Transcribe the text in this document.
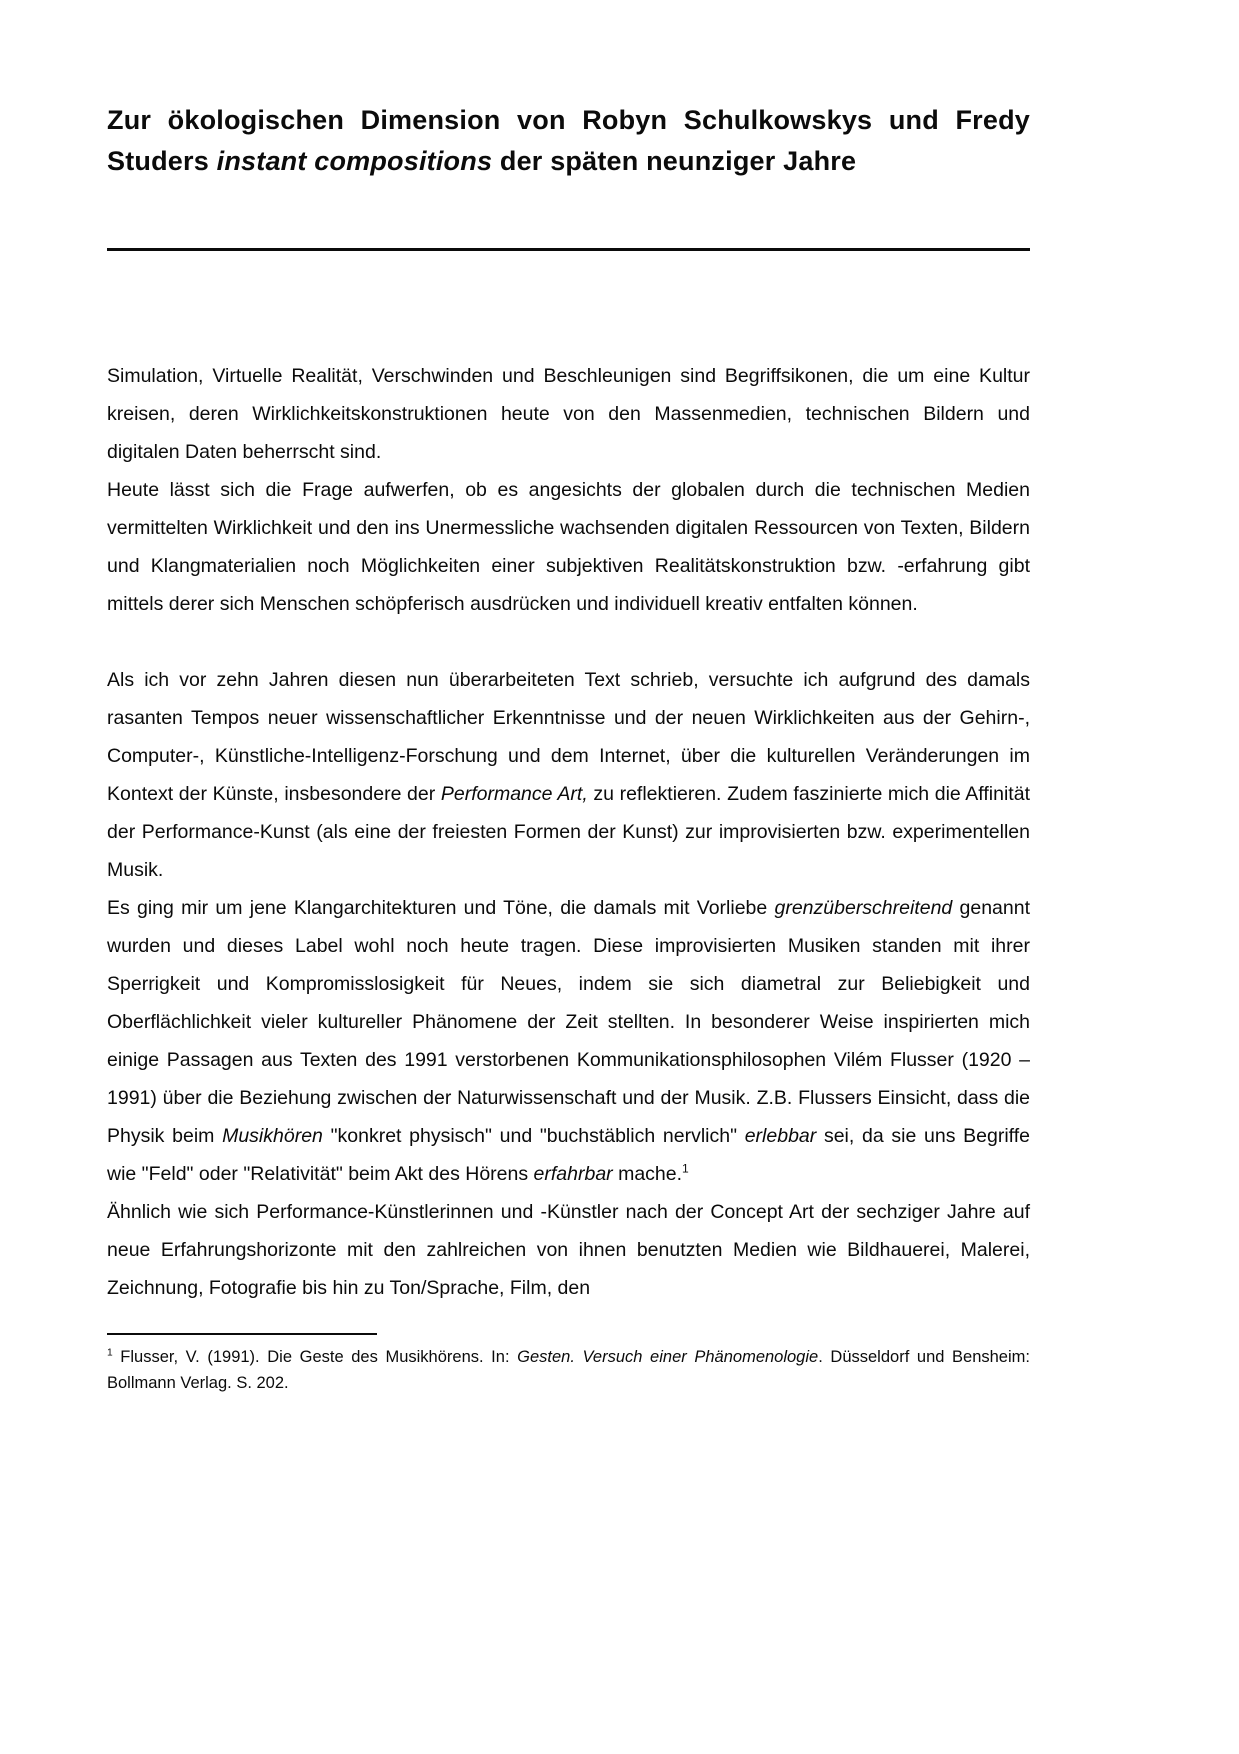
Zur ökologischen Dimension von Robyn Schulkowskys und Fredy Studers instant compositions der späten neunziger Jahre

Simulation, Virtuelle Realität, Verschwinden und Beschleunigen sind Begriffsikonen, die um eine Kultur kreisen, deren Wirklichkeitskonstruktionen heute von den Massenmedien, technischen Bildern und digitalen Daten beherrscht sind.

Heute lässt sich die Frage aufwerfen, ob es angesichts der globalen durch die technischen Medien vermittelten Wirklichkeit und den ins Unermessliche wachsenden digitalen Ressourcen von Texten, Bildern und Klangmaterialien noch Möglichkeiten einer subjektiven Realitätskonstruktion bzw. -erfahrung gibt mittels derer sich Menschen schöpferisch ausdrücken und individuell kreativ entfalten können.

Als ich vor zehn Jahren diesen nun überarbeiteten Text schrieb, versuchte ich aufgrund des damals rasanten Tempos neuer wissenschaftlicher Erkenntnisse und der neuen Wirklichkeiten aus der Gehirn-, Computer-, Künstliche-Intelligenz-Forschung und dem Internet, über die kulturellen Veränderungen im Kontext der Künste, insbesondere der Performance Art, zu reflektieren. Zudem faszinierte mich die Affinität der Performance-Kunst (als eine der freiesten Formen der Kunst) zur improvisierten bzw. experimentellen Musik.

Es ging mir um jene Klangarchitekturen und Töne, die damals mit Vorliebe grenzüberschreitend genannt wurden und dieses Label wohl noch heute tragen. Diese improvisierten Musiken standen mit ihrer Sperrigkeit und Kompromisslosigkeit für Neues, indem sie sich diametral zur Beliebigkeit und Oberflächlichkeit vieler kultureller Phänomene der Zeit stellten. In besonderer Weise inspirierten mich einige Passagen aus Texten des 1991 verstorbenen Kommunikationsphilosophen Vilém Flusser (1920 – 1991) über die Beziehung zwischen der Naturwissenschaft und der Musik. Z.B. Flussers Einsicht, dass die Physik beim Musikhören "konkret physisch" und "buchstäblich nervlich" erlebbar sei, da sie uns Begriffe wie "Feld" oder "Relativität" beim Akt des Hörens erfahrbar mache.$^1$

Ähnlich wie sich Performance-Künstlerinnen und -Künstler nach der Concept Art der sechziger Jahre auf neue Erfahrungshorizonte mit den zahlreichen von ihnen benutzten Medien wie Bildhauerei, Malerei, Zeichnung, Fotografie bis hin zu Ton/Sprache, Film, den

$^1$ Flusser, V. (1991). Die Geste des Musikhörens. In: Gesten. Versuch einer Phänomenologie. Düsseldorf und Bensheim: Bollmann Verlag. S. 202.
